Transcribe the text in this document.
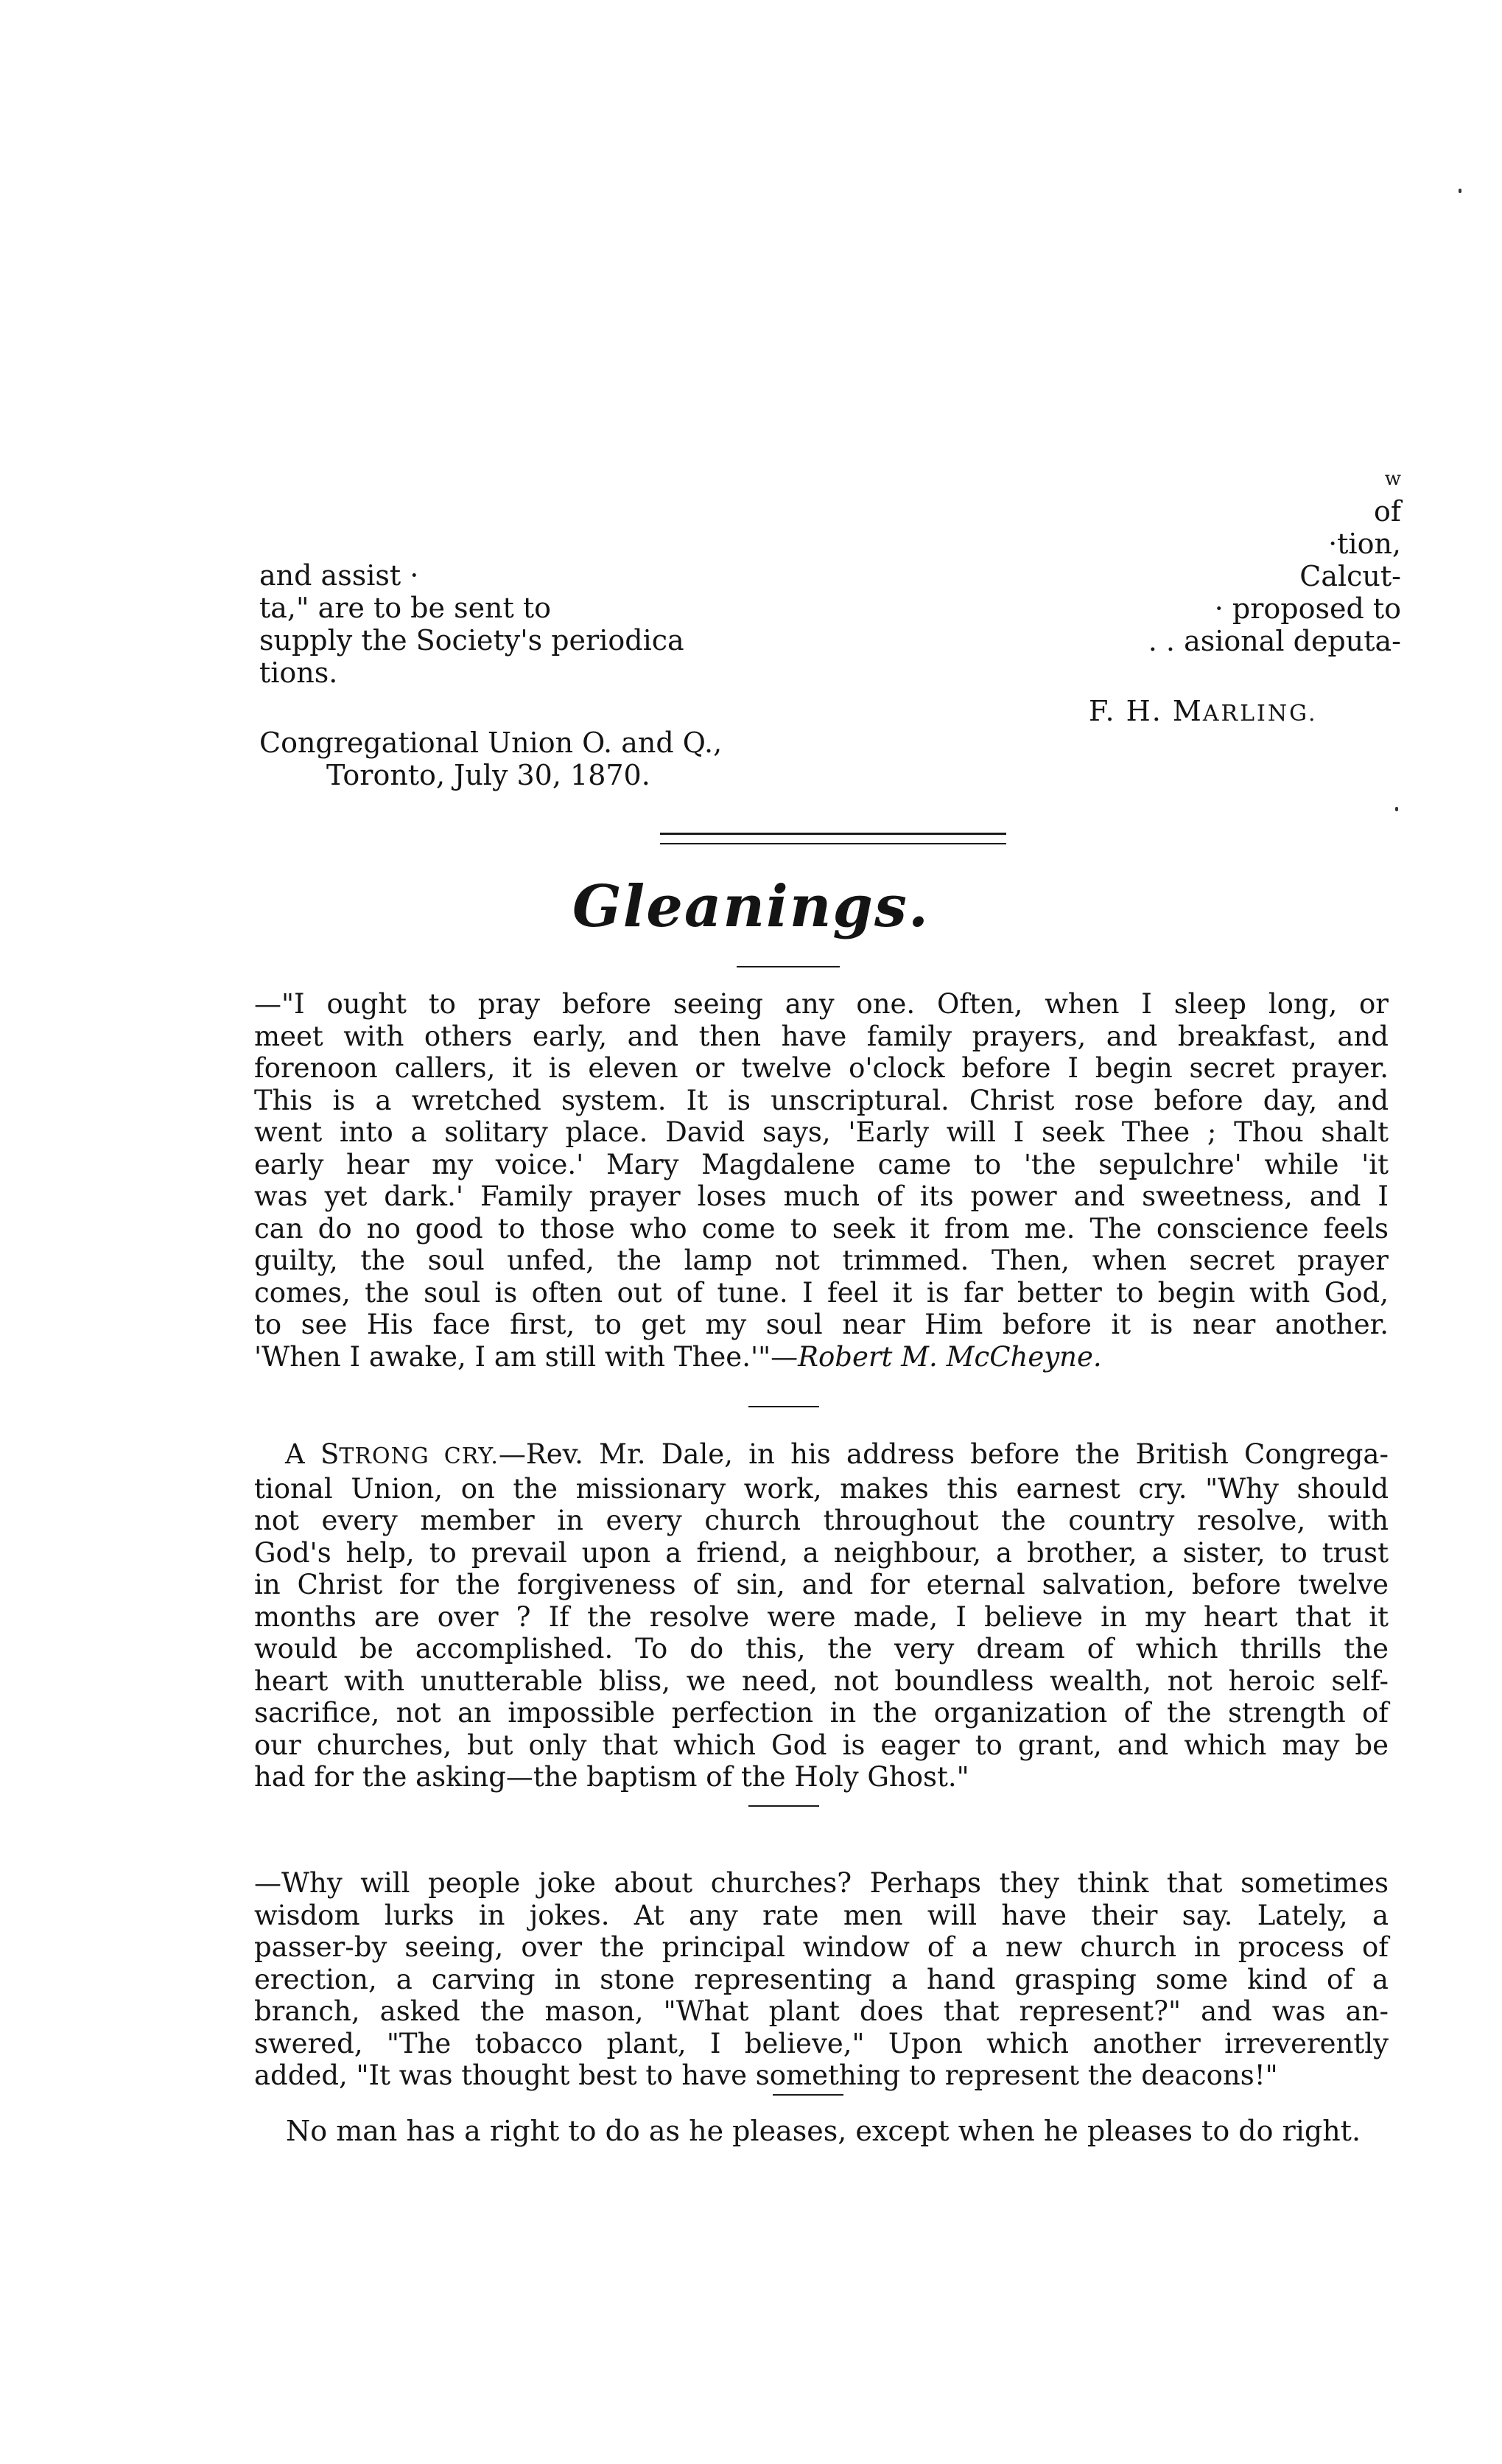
and assist ·
ta," are to be sent to
supply the Society's periodica
tions.
w
of
·tion,
Calcut-
· proposed to
. . asional deputa-
F. H. MARLING.
Congregational Union O. and Q.,
Toronto, July 30, 1870.
Gleanings.
—"I ought to pray before seeing any one. Often, when I sleep long, or
meet with others early, and then have family prayers, and breakfast, and
forenoon callers, it is eleven or twelve o'clock before I begin secret prayer.
This is a wretched system. It is unscriptural. Christ rose before day, and
went into a solitary place. David says, 'Early will I seek Thee ; Thou shalt
early hear my voice.' Mary Magdalene came to 'the sepulchre' while 'it
was yet dark.' Family prayer loses much of its power and sweetness, and I
can do no good to those who come to seek it from me. The conscience feels
guilty, the soul unfed, the lamp not trimmed. Then, when secret prayer
comes, the soul is often out of tune. I feel it is far better to begin with God,
to see His face first, to get my soul near Him before it is near another.
'When I awake, I am still with Thee.'"—Robert M. McCheyne.
A STRONG CRY.—Rev. Mr. Dale, in his address before the British Congrega-
tional Union, on the missionary work, makes this earnest cry. "Why should
not every member in every church throughout the country resolve, with
God's help, to prevail upon a friend, a neighbour, a brother, a sister, to trust
in Christ for the forgiveness of sin, and for eternal salvation, before twelve
months are over ? If the resolve were made, I believe in my heart that it
would be accomplished. To do this, the very dream of which thrills the
heart with unutterable bliss, we need, not boundless wealth, not heroic self-
sacrifice, not an impossible perfection in the organization of the strength of
our churches, but only that which God is eager to grant, and which may be
had for the asking—the baptism of the Holy Ghost."
—Why will people joke about churches? Perhaps they think that sometimes
wisdom lurks in jokes. At any rate men will have their say. Lately, a
passer-by seeing, over the principal window of a new church in process of
erection, a carving in stone representing a hand grasping some kind of a
branch, asked the mason, "What plant does that represent?" and was an-
swered, "The tobacco plant, I believe," Upon which another irreverently
added, "It was thought best to have something to represent the deacons!"
No man has a right to do as he pleases, except when he pleases to do right.
